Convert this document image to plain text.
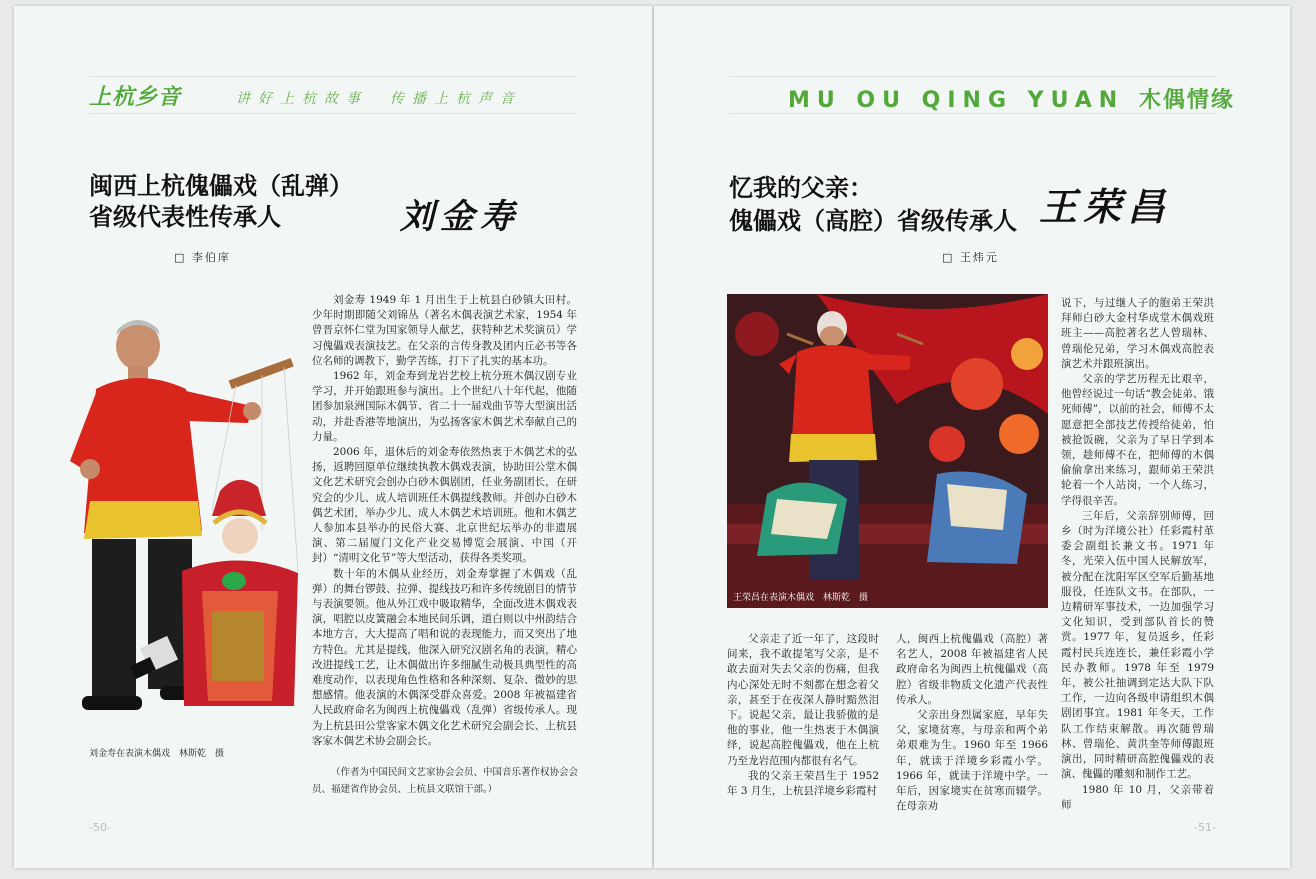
上杭乡音	讲好上杭故事　传播上杭声音
闽西上杭傀儡戏（乱弹）
省级代表性传承人	刘金寿
□ 李伯庠
刘金寿在表演木偶戏　林斯乾　摄

刘金寿 1949 年 1 月出生于上杭县白砂镇大田村。少年时期即随父刘锦丛（著名木偶表演艺术家，1954 年曾晋京怀仁堂为国家领导人献艺，获特种艺术奖演员）学习傀儡戏表演技艺。在父亲的言传身教及团内丘必书等各位名师的调教下，勤学苦练，打下了扎实的基本功。

1962 年，刘金寿到龙岩艺校上杭分班木偶汉剧专业学习，并开始跟班参与演出。上个世纪八十年代起，他随团参加泉洲国际木偶节、省二十一届戏曲节等大型演出活动，并赴香港等地演出，为弘扬客家木偶艺术奉献自己的力量。

2006 年，退休后的刘金寿依然热衷于木偶艺术的弘扬，返聘回原单位继续执教木偶戏表演，协助田公堂木偶文化艺术研究会创办白砂木偶剧团，任业务副团长，在研究会的少儿、成人培训班任木偶提线教师。并创办白砂木偶艺术团，举办少儿、成人木偶艺术培训班。他和木偶艺人参加本县举办的民俗大赛、北京世纪坛举办的非遗展演、第二届厦门文化产业交易博览会展演、中国（开封）“清明文化节”等大型活动，获得各类奖项。

数十年的木偶从业经历，刘金寿掌握了木偶戏（乱弹）的舞台锣鼓、拉弹、提线技巧和许多传统剧目的情节与表演要领。他从外江戏中吸取精华，全面改进木偶戏表演，唱腔以皮簧融会本地民间乐调，道白则以中州韵结合本地方言，大大提高了唱和说的表现能力，而又突出了地方特色。尤其是提线，他深入研究汉剧名角的表演，精心改进提线工艺，让木偶做出许多细腻生动极具典型性的高难度动作，以表现角色性格和各种深刻、复杂、微妙的思想感情。他表演的木偶深受群众喜爱。2008 年被福建省人民政府命名为闽西上杭傀儡戏（乱弹）省级传承人。现为上杭县田公堂客家木偶文化艺术研究会副会长、上杭县客家木偶艺术协会副会长。

（作者为中国民间文艺家协会会员、中国音乐著作权协会会员、福建省作协会员、上杭县文联馆干部。）
-50-
MU OU QING YUAN 木偶情缘
忆我的父亲：
傀儡戏（高腔）省级传承人 王荣昌
□ 王炜元
王荣昌在表演木偶戏　林斯乾　摄

父亲走了近一年了，这段时间来，我不敢提笔写父亲，是不敢去面对失去父亲的伤痛，但我内心深处无时不刻都在想念着父亲，甚至于在夜深人静时黯然泪下。说起父亲，最让我骄傲的是他的事业，他一生热衷于木偶演绎，说起高腔傀儡戏，他在上杭乃至龙岩范围内都很有名气。

我的父亲王荣昌生于 1952 年 3 月生，上杭县洋境乡彩霞村

人，闽西上杭傀儡戏（高腔）著名艺人，2008 年被福建省人民政府命名为闽西上杭傀儡戏（高腔）省级非物质文化遗产代表性传承人。

父亲出身烈属家庭，早年失父，家境贫寒，与母亲和两个弟弟艰难为生。1960 年至 1966 年，就读于洋境乡彩霞小学。1966 年，就读于洋境中学。一年后，因家境实在贫寒而辍学。在母亲劝

说下，与过继人子的胞弟王荣洪拜师白砂大金村华成堂木偶戏班班主——高腔著名艺人曾瑞林、曾瑞伦兄弟，学习木偶戏高腔表演艺术并跟班演出。

父亲的学艺历程无比艰辛，他曾经说过一句话“教会徒弟、饿死师傅”，以前的社会，师傅不太愿意把全部技艺传授给徒弟，怕被抢饭碗，父亲为了早日学到本领，趁师傅不在，把师傅的木偶偷偷拿出来练习，跟师弟王荣洪轮着一个人站岗，一个人练习，学得很辛苦。

三年后，父亲辞别师傅，回乡（时为洋境公社）任彩霞村革委会副组长兼文书。1971 年冬，光荣入伍中国人民解放军，被分配在沈阳军区空军后勤基地服役，任连队文书。在部队，一边精研军事技术，一边加强学习文化知识，受到部队首长的赞赏。1977 年，复员返乡，任彩霞村民兵连连长，兼任彩霞小学民办教师。1978 年至 1979 年，被公社抽调到定达大队下队工作，一边向各级申请组织木偶剧团事宜。1981 年冬天，工作队工作结束解散。再次随曾瑞林、曾瑞伦、黄洪奎等师傅跟班演出，同时精研高腔傀儡戏的表演、傀儡的雕刻和制作工艺。

1980 年 10 月，父亲带着师

-51-
